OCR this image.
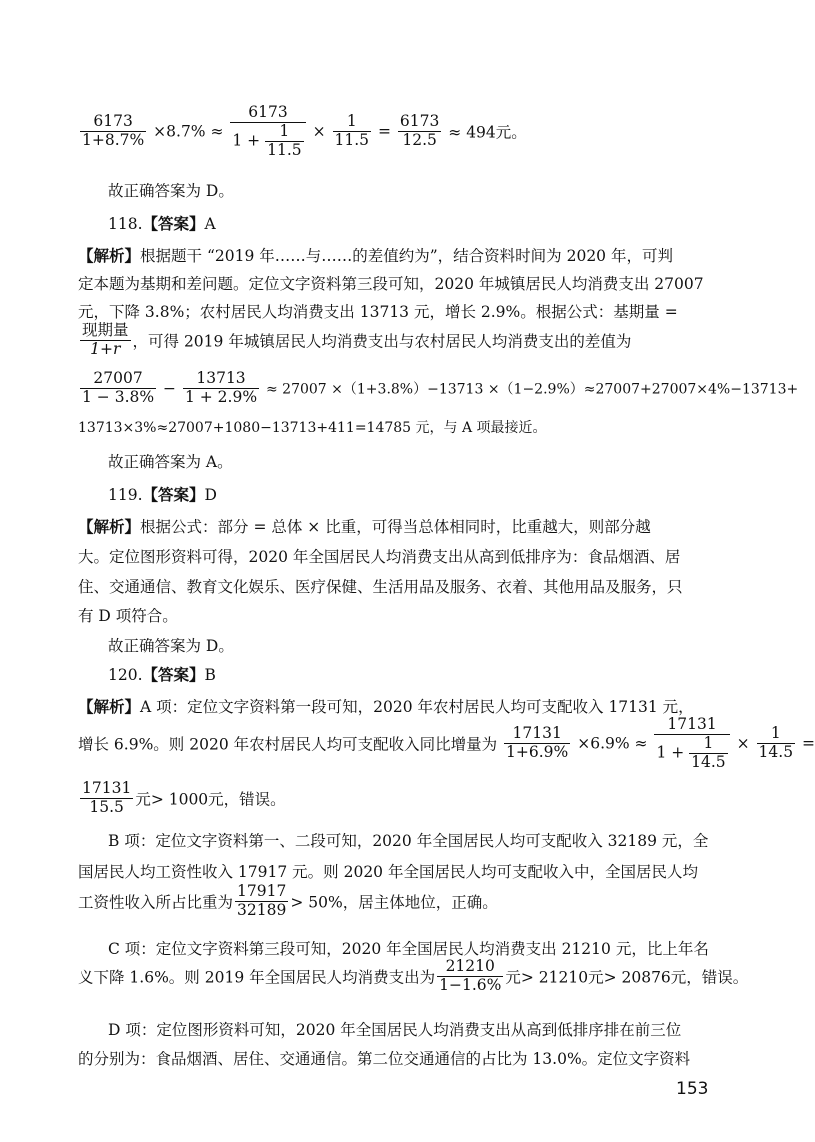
$\frac{6173}{1+8.7\%} \times 8.7\% \approx \frac{6173}{1 + \frac{1}{11.5}} \times \frac{1}{11.5} = \frac{6173}{12.5} \approx 494$元。
故正确答案为 D。
118.【答案】A
【解析】根据题干 “2019 年……与……的差值约为”，结合资料时间为 2020 年，可判
定本题为基期和差问题。定位文字资料第三段可知，2020 年城镇居民人均消费支出 27007
元，下降 3.8%；农村居民人均消费支出 13713 元，增长 2.9%。根据公式：基期量 =
$\frac{\text{现期量}}{1+r}$ ，可得 2019 年城镇居民人均消费支出与农村居民人均消费支出的差值为
$\frac{27007}{1 - 3.8\%} - \frac{13713}{1 + 2.9\%} \approx 27007 \times(1+3.8\%)-13713 \times(1-2.9\%)\approx 27007+27007\times 4\%-13713+$
13713×3%≈27007+1080−13713+411=14785 元，与 A 项最接近。
故正确答案为 A。
119.【答案】D
【解析】根据公式：部分 = 总体 × 比重，可得当总体相同时，比重越大，则部分越
大。定位图形资料可得，2020 年全国居民人均消费支出从高到低排序为：食品烟酒、居
住、交通通信、教育文化娱乐、医疗保健、生活用品及服务、衣着、其他用品及服务，只
有 D 项符合。
故正确答案为 D。
120.【答案】B
【解析】A 项：定位文字资料第一段可知，2020 年农村居民人均可支配收入 17131 元，
增长 6.9%。则 2020 年农村居民人均可支配收入同比增量为 $\frac{17131}{1+6.9\%} \times 6.9\% \approx \frac{17131}{1 + \frac{1}{14.5}} \times \frac{1}{14.5}$ =
$\frac{17131}{15.5}$ 元> 1000元，错误。
B 项：定位文字资料第一、二段可知，2020 年全国居民人均可支配收入 32189 元，全
国居民人均工资性收入 17917 元。则 2020 年全国居民人均可支配收入中，全国居民人均
工资性收入所占比重为 $\frac{17917}{32189} > 50\%$，居主体地位，正确。
C 项：定位文字资料第三段可知，2020 年全国居民人均消费支出 21210 元，比上年名
义下降 1.6%。则 2019 年全国居民人均消费支出为 $\frac{21210}{1-1.6\%}$ 元> 21210元> 20876元，错误。
D 项：定位图形资料可知，2020 年全国居民人均消费支出从高到低排序排在前三位
的分别为：食品烟酒、居住、交通通信。第二位交通通信的占比为 13.0%。定位文字资料
153
